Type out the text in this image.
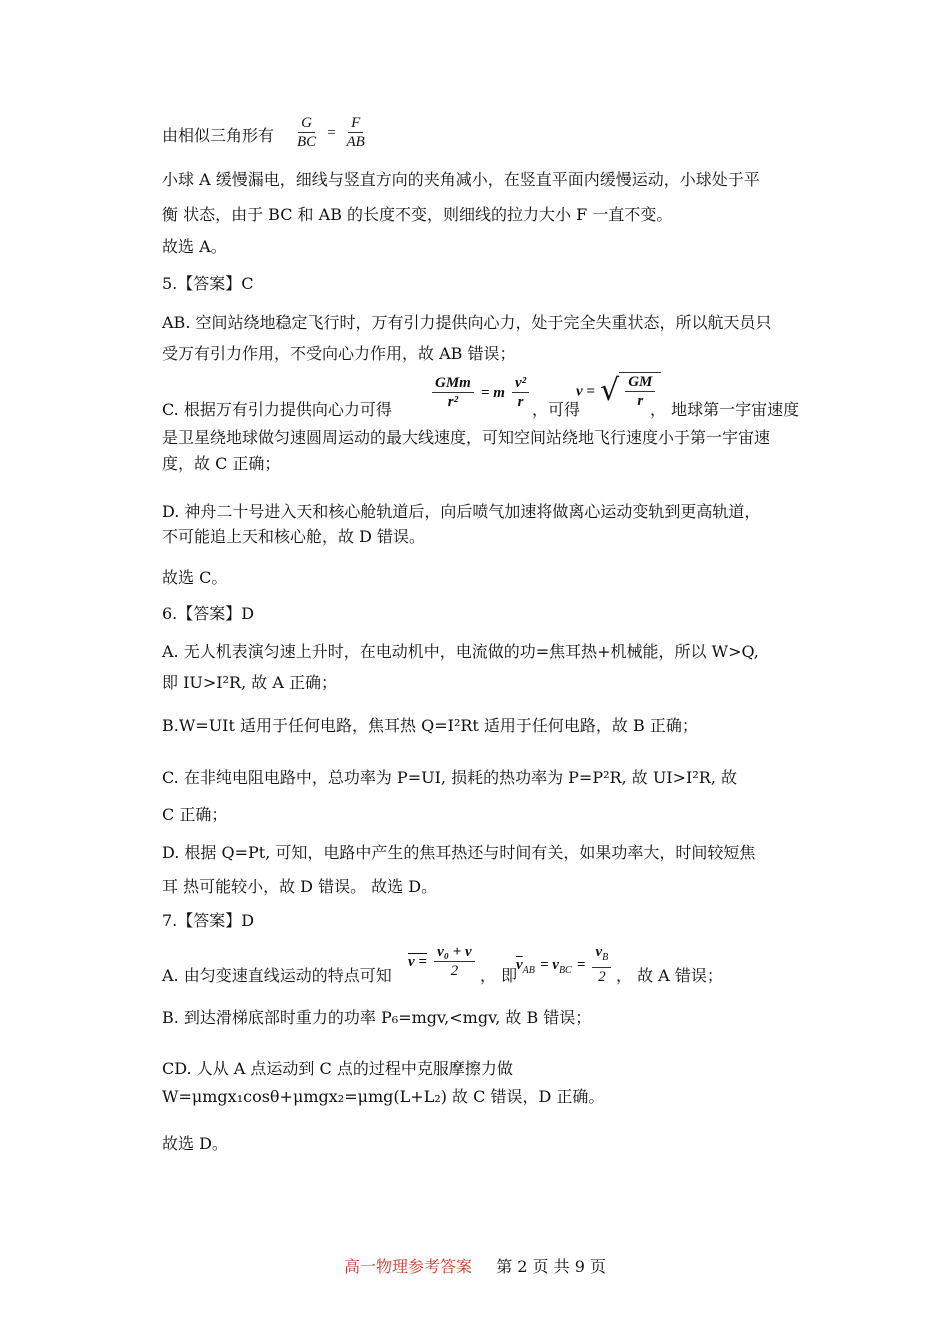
由相似三角形有 $\frac{G}{BC} = \frac{F}{AB}$
小球 A 缓慢漏电，细线与竖直方向的夹角减小，在竖直平面内缓慢运动，小球处于平
衡 状态，由于 BC 和 AB 的长度不变，则细线的拉力大小 F 一直不变。
故选 A。
5.【答案】C
AB. 空间站绕地稳定飞行时，万有引力提供向心力，处于完全失重状态，所以航天员只
受万有引力作用，不受向心力作用，故 AB 错误；
C. 根据万有引力提供向心力可得	$\frac{\text{GMm}}{\text{r²}} = m \frac{\text{v²}}{r}$ ，可得
v = √ $\frac{GM}{r}$
， 地球第一宇宙速度
是卫星绕地球做匀速圆周运动的最大线速度，可知空间站绕地飞行速度小于第一宇宙速
度，故 C 正确；
D. 神舟二十号进入天和核心舱轨道后，向后喷气加速将做离心运动变轨到更高轨道，
不可能追上天和核心舱，故 D 错误。
故选 C。
6.【答案】D
A. 无人机表演匀速上升时，在电动机中，电流做的功=焦耳热+机械能，所以 W>Q,
即 IU>I²R, 故 A 正确；
B.W=UIt 适用于任何电路，焦耳热 Q=I²Rt 适用于任何电路，故 B 正确；
C. 在非纯电阻电路中，总功率为 P=UI, 损耗的热功率为 P=P²R, 故 UI>I²R, 故
C 正确；
D. 根据 Q=Pt, 可知，电路中产生的焦耳热还与时间有关，如果功率大，时间较短焦
耳 热可能较小，故 D 错误。 故选 D。
7.【答案】D
A. 由匀变速直线运动的特点可知
$v = \frac{\text{v₀ + v}}{2}$ ， 即
$\overline{v}_{AB} = v_{BC} = \frac{v_B}{2}$ ， 故 A 错误；
B. 到达滑梯底部时重力的功率 P₆=mgv,<mgv, 故 B 错误；
CD. 人从 A 点运动到 C 点的过程中克服摩擦力做
W=μmgx₁cosθ+μmgx₂=μmg(L+L₂) 故 C 错误，D 正确。
故选 D。
高一物理参考答案 第 2 页 共 9 页
